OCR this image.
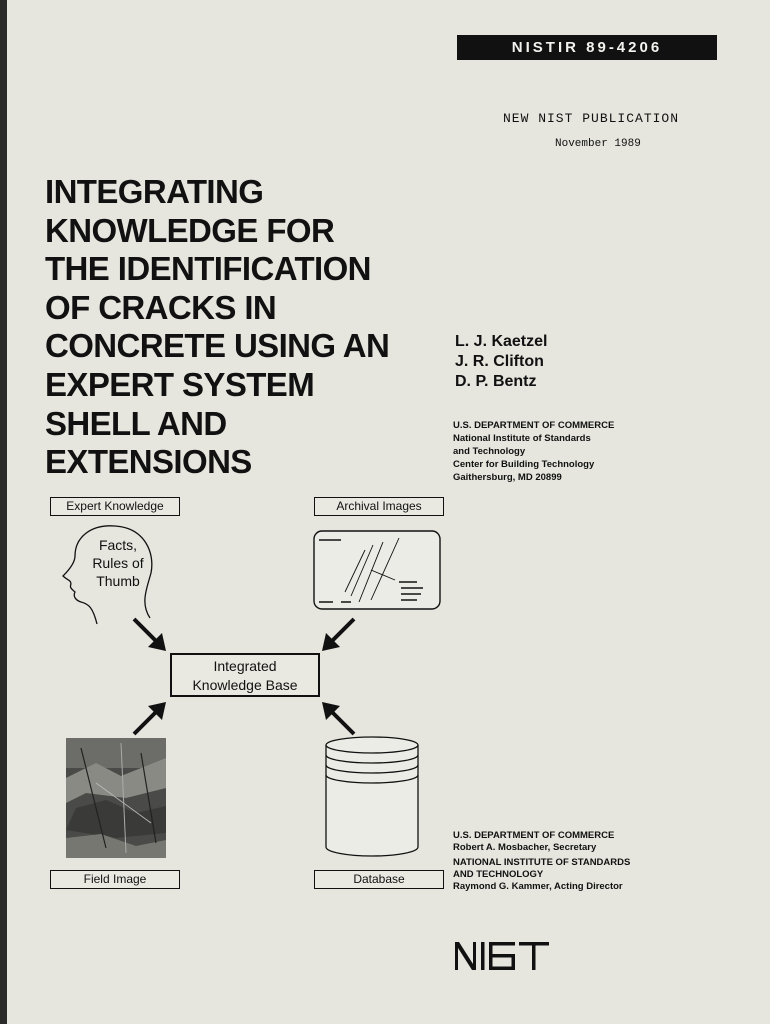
NISTIR 89-4206
NEW NIST PUBLICATION
November 1989
INTEGRATING
KNOWLEDGE FOR
THE IDENTIFICATION
OF CRACKS IN
CONCRETE USING AN
EXPERT SYSTEM
SHELL AND
EXTENSIONS
L. J. Kaetzel
J. R. Clifton
D. P. Bentz
U.S. DEPARTMENT OF COMMERCE
National Institute of Standards
and Technology
Center for Building Technology
Gaithersburg, MD 20899
Expert Knowledge	Archival Images
Facts,
Rules of
Thumb
Integrated
Knowledge Base
Field Image	Database
U.S. DEPARTMENT OF COMMERCE
Robert A. Mosbacher, Secretary
NATIONAL INSTITUTE OF STANDARDS
AND TECHNOLOGY
Raymond G. Kammer, Acting Director
